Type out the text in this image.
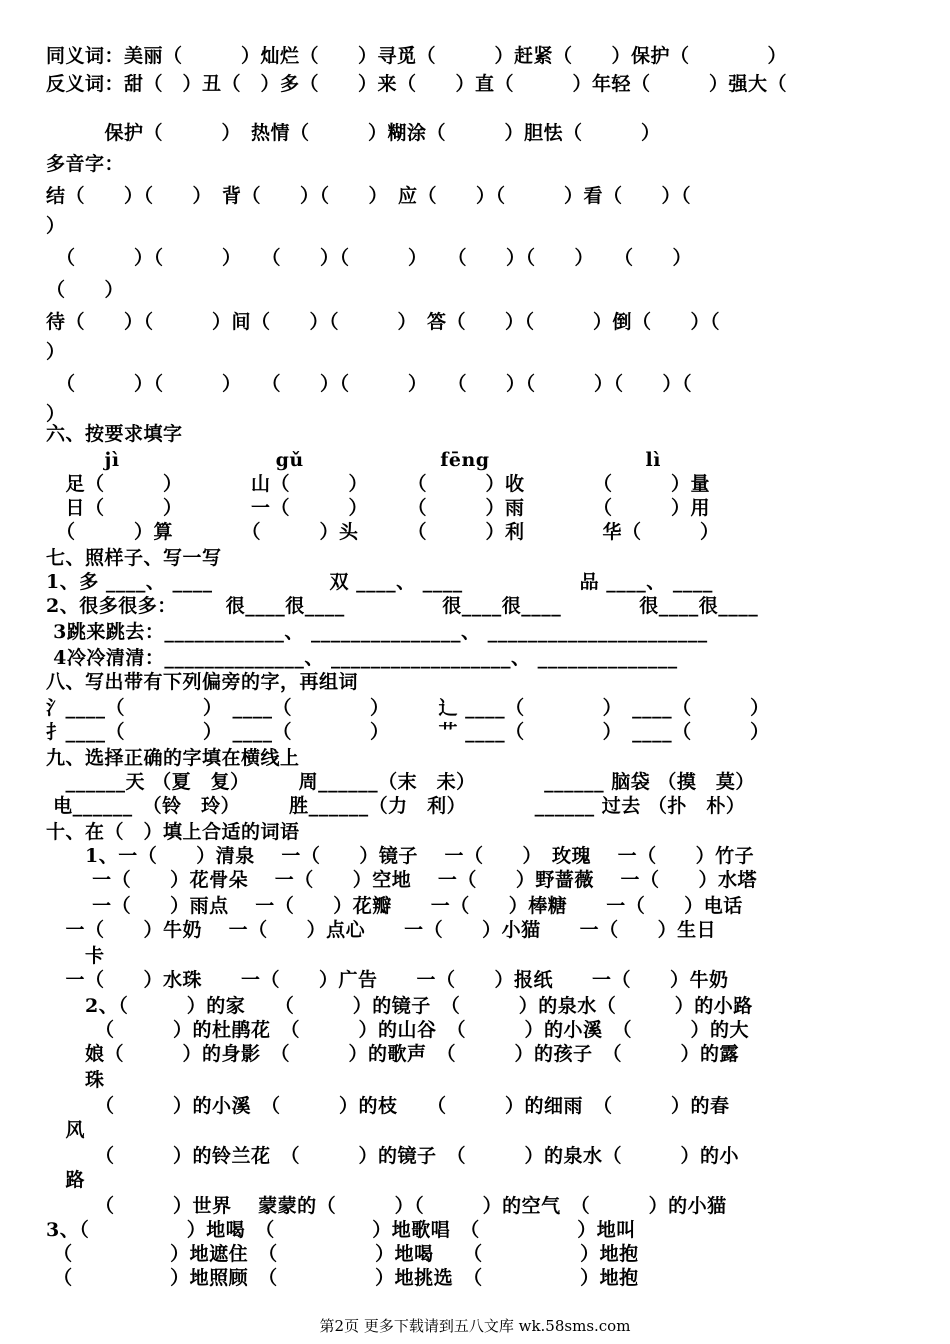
同义词：美丽（　　　）灿烂（　　）寻觅（　　　）赶紧（　　）保护（　　　　）
反义词：甜（　）丑（　）多（　　）来（　　）直（　　　）年轻（　　　）强大（
　　　保护（　　　）　热情（　　　）糊涂（　　　）胆怯（　　　）
多音字：
结（　　）（　　）　背（　　）（　　）　应（　　）（　　　）看（　　）（
）
　（　　　）（　　　）　　（　　）（　　　）　　（　　）（　　）　　（　　）
（　　）
待（　　）（　　　）间（　　）（　　　）　答（　　）（　　　）倒（　　）（
）
　（　　　）（　　　）　　（　　）（　　　）　　（　　）（　　　）（　　）（
）
六、按要求填字
　　　jì　　　　　　　　gǔ　　　　　　　fēng　　　　　　　　lì
　足（　　　）　　　　山（　　　）　　　（　　　）收　　　　（　　　）量
　日（　　　）　　　　一（　　　）　　　（　　　）雨　　　　（　　　）用
　（　　　）算　　　　（　　　）头　　　（　　　）利　　　　华（　　　）
七、照样子、写一写
1、多 ____、 ____　　　　　　双 ____、 ____　　　　　　品 ____、 ____
2、很多很多：　　　很____很____　　　　　很____很____　　　　很____很____
3跳来跳去：____________、 _______________、 ______________________
4冷冷清清：______________、 __________________、 ______________
八、写出带有下列偏旁的字，再组词
氵____（　　　　）　____（　　　　）　　　辶 ____（　　　　）　____（　　　）
扌____（　　　　）　____（　　　　）　　　艹 ____（　　　　）　____（　　　）
九、选择正确的字填在横线上
　______天 （夏　复）　　　周______（末　未）　　　　______ 脑袋 （摸　莫）
电______　（铃　玲）　　　胜______（力　利）　　　　______ 过去 （扑　朴）
十、在（　）填上合适的词语
　　1、一（　　）清泉　 一（　　）镜子　 一（　　）　玫瑰　 一（　　）竹子
　　 一（　　）花骨朵　 一（　　）空地　 一（　　）野蔷薇　 一（　　）水塔
　　 一（　　）雨点　 一（　　）花瓣　　一（　　）棒糖　　一（　　）电话
　一（　　）牛奶　 一（　　）点心　　一（　　）小猫　　一（　　）生日
　　卡
　一（　　）水珠　　一（　　）广告　　一（　　）报纸　　一（　　）牛奶
　　2、（　　　）的家　　（　　　）的镜子　（　　　）的泉水（　　　）的小路
　　　（　　　）的杜鹃花　（　　　）的山谷　（　　　）的小溪　（　　　）的大
　　娘（　　　）的身影　（　　　）的歌声　（　　　）的孩子　（　　　）的露
　　珠
　　　（　　　）的小溪　（　　　）的枝　　（　　　）的细雨　（　　　）的春
　风
　　　（　　　）的铃兰花　（　　　）的镜子　（　　　）的泉水（　　　）的小
　路
　　　（　　　）世界　 蒙蒙的（　　　）（　　　）的空气　（　　　）的小猫
3、（　　　　　）地喝　（　　　　　）地歌唱　（　　　　　）地叫
（　　　　　）地遮住　（　　　　　）地喝　　（　　　　　）地抱
（　　　　　）地照顾　（　　　　　）地挑选　（　　　　　）地抱
第2页 更多下载请到五八文库 wk.58sms.com
